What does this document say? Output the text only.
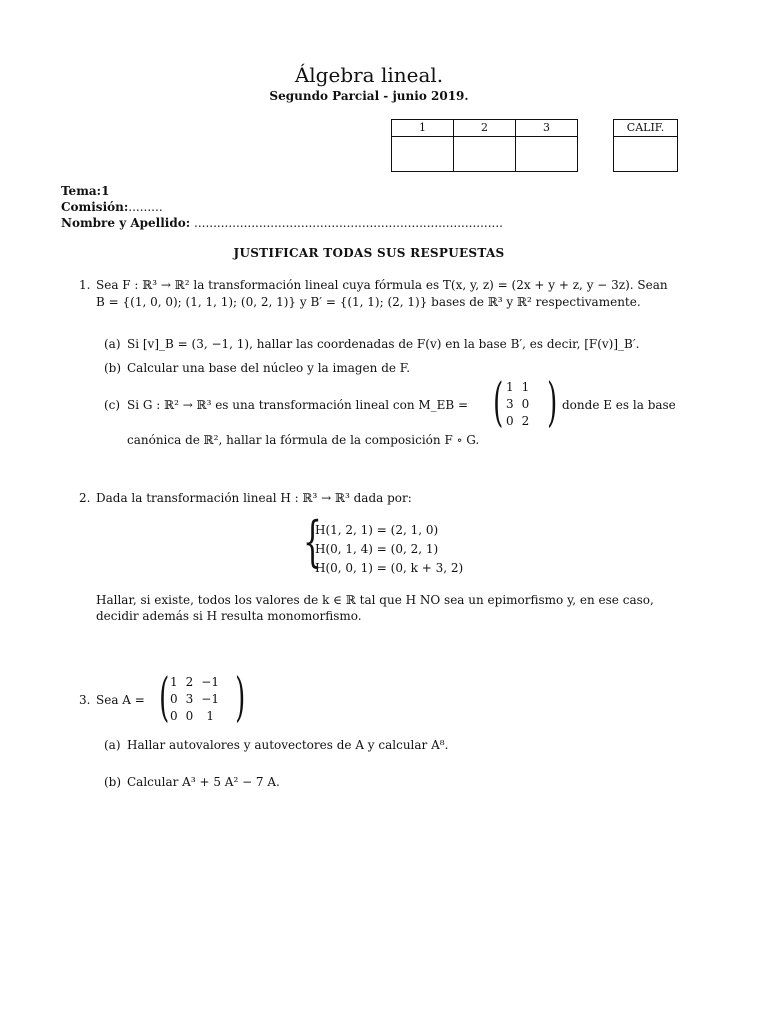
Álgebra lineal.
Segundo Parcial - junio 2019.
1	2	3
			CALIF.

Tema:1
Comisión:.........
Nombre y Apellido: .................................................................................
JUSTIFICAR TODAS SUS RESPUESTAS
1. Sea F : ℝ³ → ℝ² la transformación lineal cuya fórmula es T(x, y, z) = (2x + y + z, y − 3z). Sean
B = {(1, 0, 0); (1, 1, 1); (0, 2, 1)} y B′ = {(1, 1); (2, 1)} bases de ℝ³ y ℝ² respectivamente.
(a) Si [v]_B = (3, −1, 1), hallar las coordenadas de F(v) en la base B′, es decir, [F(v)]_B′.
(b) Calcular una base del núcleo y la imagen de F.
(c) Si G : ℝ² → ℝ³ es una transformación lineal con M_EB = ( 1	1
3	0
0	2 ) donde E es la base
canónica de ℝ², hallar la fórmula de la composición F ∘ G.
2. Dada la transformación lineal H : ℝ³ → ℝ³ dada por:
{
H(1, 2, 1) = (2, 1, 0)
H(0, 1, 4) = (0, 2, 1)
H(0, 0, 1) = (0, k + 3, 2)
Hallar, si existe, todos los valores de k ∈ ℝ tal que H NO sea un epimorfismo y, en ese caso,
decidir además si H resulta monomorfismo.
3. Sea A = ( 1	2	−1
0	3	−1
0	0	1 )
(a) Hallar autovalores y autovectores de A y calcular A⁸.
(b) Calcular A³ + 5 A² − 7 A.
